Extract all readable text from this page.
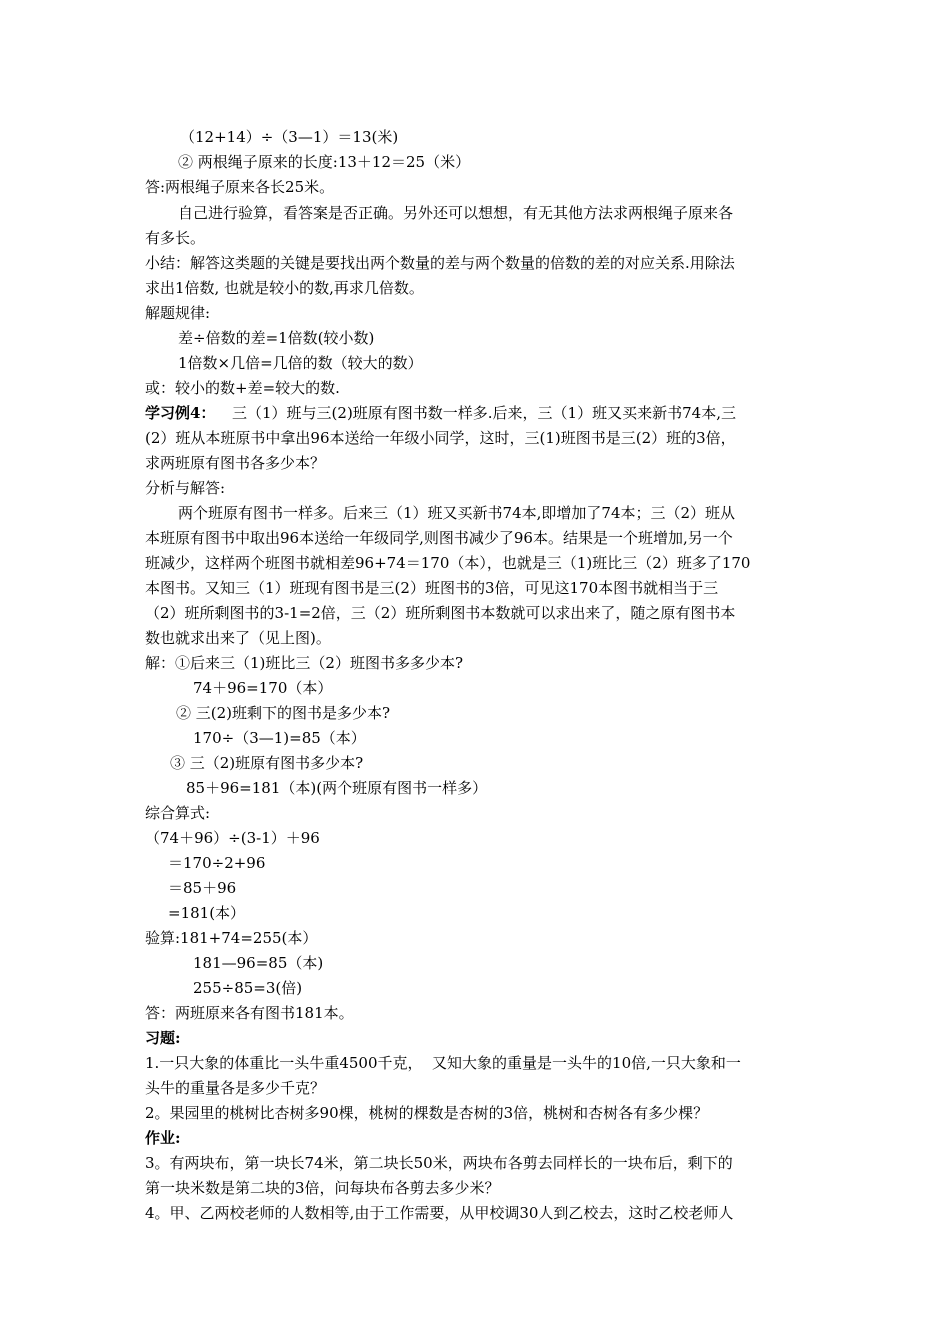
（12+14）÷（3—1）＝13(米)
② 两根绳子原来的长度:13＋12＝25（米）
答:两根绳子原来各长25米。
自己进行验算，看答案是否正确。另外还可以想想，有无其他方法求两根绳子原来各
有多长。
小结：解答这类题的关键是要找出两个数量的差与两个数量的倍数的差的对应关系.用除法
求出1倍数, 也就是较小的数,再求几倍数。
解题规律:
差÷倍数的差=1倍数(较小数)
1倍数×几倍=几倍的数（较大的数）
或：较小的数+差=较大的数.
学习例4： 三（1）班与三(2)班原有图书数一样多.后来，三（1）班又买来新书74本,三
(2）班从本班原书中拿出96本送给一年级小同学，这时，三(1)班图书是三(2）班的3倍，
求两班原有图书各多少本？
分析与解答:
两个班原有图书一样多。后来三（1）班又买新书74本,即增加了74本；三（2）班从
本班原有图书中取出96本送给一年级同学,则图书减少了96本。结果是一个班增加,另一个
班减少，这样两个班图书就相差96+74＝170（本），也就是三（1)班比三（2）班多了170
本图书。又知三（1）班现有图书是三(2）班图书的3倍，可见这170本图书就相当于三
（2）班所剩图书的3-1=2倍，三（2）班所剩图书本数就可以求出来了，随之原有图书本
数也就求出来了（见上图)。
解：①后来三（1)班比三（2）班图书多多少本?
74＋96=170（本）
② 三(2)班剩下的图书是多少本?
170÷（3—1)=85（本）
③ 三（2)班原有图书多少本?
85＋96=181（本)(两个班原有图书一样多）
综合算式:
（74＋96）÷(3-1）＋96
＝170÷2+96
＝85＋96
=181(本）
验算:181+74=255(本）
181—96=85（本)
255÷85=3(倍)
答：两班原来各有图书181本。
习题:
1.一只大象的体重比一头牛重4500千克，  又知大象的重量是一头牛的10倍,一只大象和一
头牛的重量各是多少千克？
2。果园里的桃树比杏树多90棵，桃树的棵数是杏树的3倍，桃树和杏树各有多少棵？
作业:
3。有两块布，第一块长74米，第二块长50米，两块布各剪去同样长的一块布后，剩下的
第一块米数是第二块的3倍，问每块布各剪去多少米？
4。甲、乙两校老师的人数相等,由于工作需要，从甲校调30人到乙校去，这时乙校老师人
